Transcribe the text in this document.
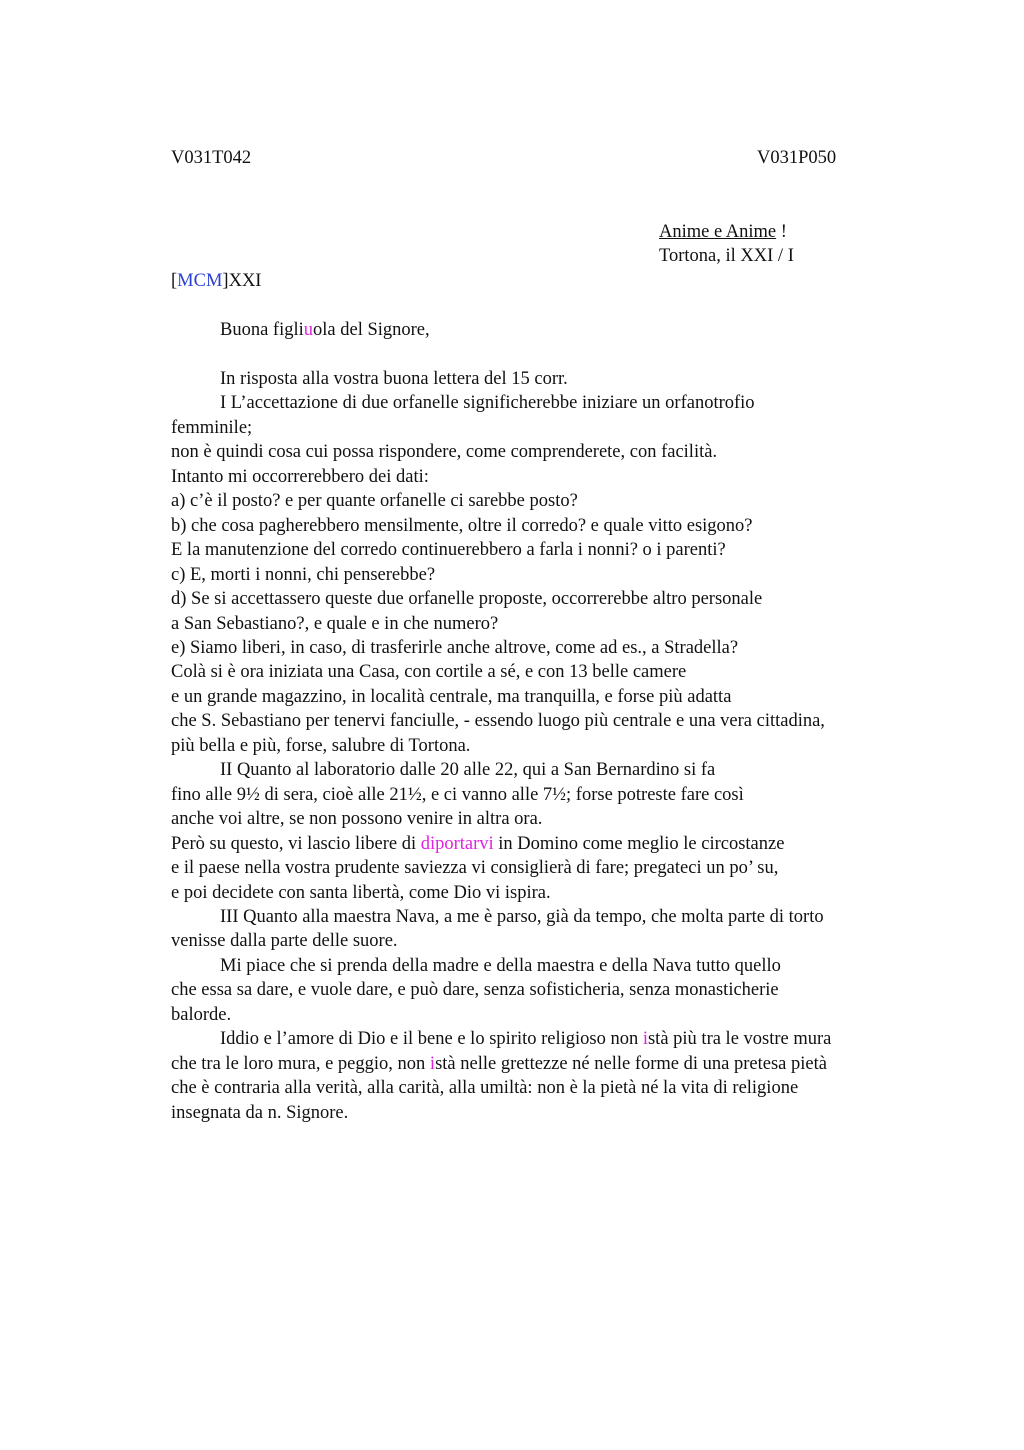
V031T042	V031P050
Anime e Anime !
Tortona, il XXI / I
[MCM]XXI
Buona figliuola del Signore,
In risposta alla vostra buona lettera del 15 corr.
I L’accettazione di due orfanelle significherebbe iniziare un orfanotrofio
femminile;
non è quindi cosa cui possa rispondere, come comprenderete, con facilità.
Intanto mi occorrerebbero dei dati:
a) c’è il posto? e per quante orfanelle ci sarebbe posto?
b) che cosa pagherebbero mensilmente, oltre il corredo? e quale vitto esigono?
E la manutenzione del corredo continuerebbero a farla i nonni? o i parenti?
c) E, morti i nonni, chi penserebbe?
d) Se si accettassero queste due orfanelle proposte, occorrerebbe altro personale
a San Sebastiano?, e quale e in che numero?
e) Siamo liberi, in caso, di trasferirle anche altrove, come ad es., a Stradella?
Colà si è ora iniziata una Casa, con cortile a sé, e con 13 belle camere
e un grande magazzino, in località centrale, ma tranquilla, e forse più adatta
che S. Sebastiano per tenervi fanciulle, - essendo luogo più centrale e una vera cittadina,
più bella e più, forse, salubre di Tortona.
II Quanto al laboratorio dalle 20 alle 22, qui a San Bernardino si fa
fino alle 9½ di sera, cioè alle 21½, e ci vanno alle 7½; forse potreste fare così
anche voi altre, se non possono venire in altra ora.
Però su questo, vi lascio libere di diportarvi in Domino come meglio le circostanze
e il paese nella vostra prudente saviezza vi consiglierà di fare; pregateci un po’ su,
e poi decidete con santa libertà, come Dio vi ispira.
III Quanto alla maestra Nava, a me è parso, già da tempo, che molta parte di torto
venisse dalla parte delle suore.
Mi piace che si prenda della madre e della maestra e della Nava tutto quello
che essa sa dare, e vuole dare, e può dare, senza sofisticheria, senza monasticherie
balorde.
Iddio e l’amore di Dio e il bene e lo spirito religioso non istà più tra le vostre mura
che tra le loro mura, e peggio, non istà nelle grettezze né nelle forme di una pretesa pietà
che è contraria alla verità, alla carità, alla umiltà: non è la pietà né la vita di religione
insegnata da n. Signore.
